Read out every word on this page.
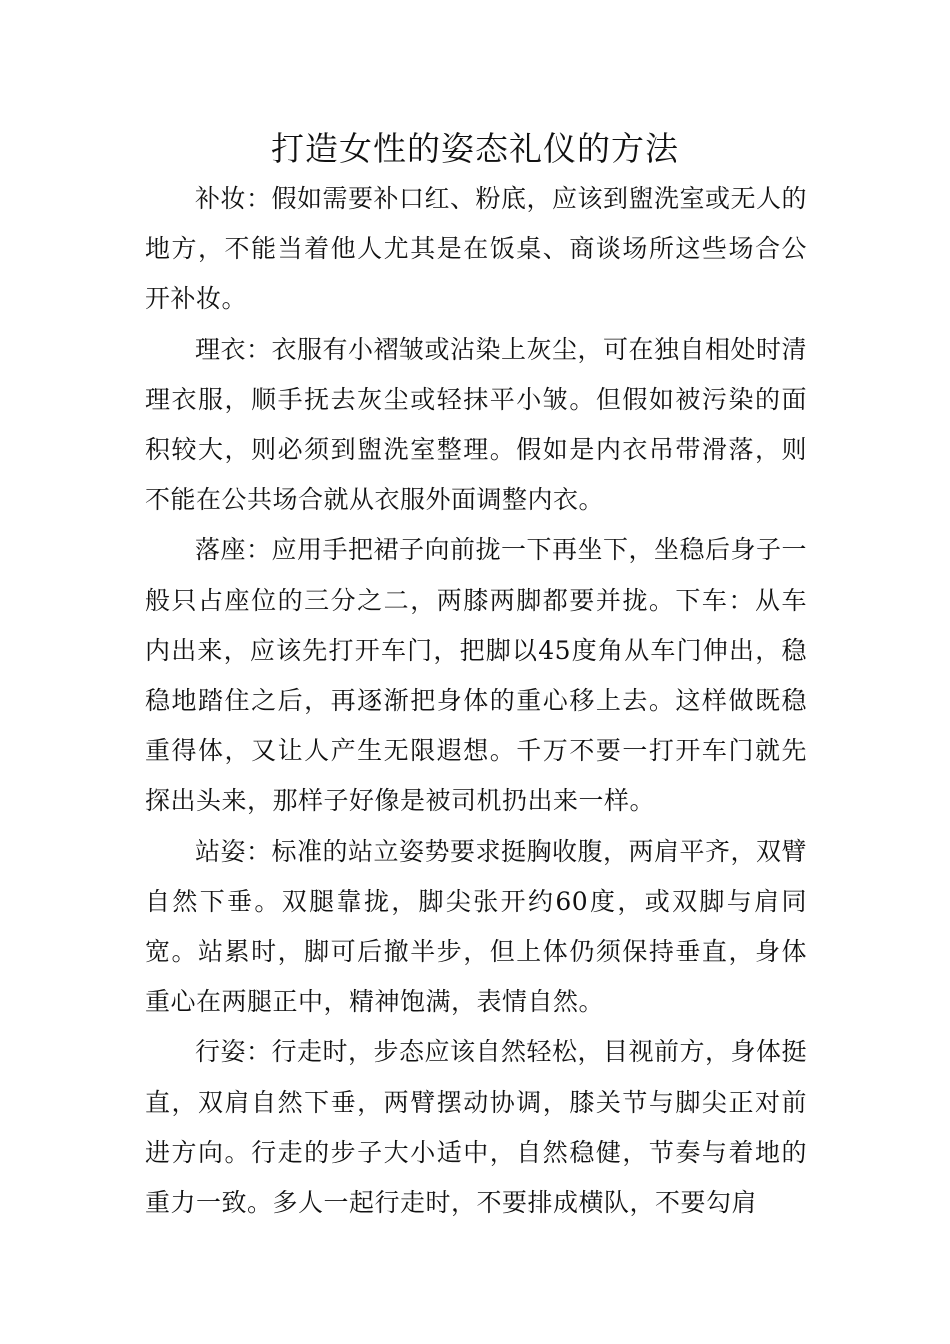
打造女性的姿态礼仪的方法

补妆：假如需要补口红、粉底，应该到盥洗室或无人的地方，不能当着他人尤其是在饭桌、商谈场所这些场合公开补妆。

理衣：衣服有小褶皱或沾染上灰尘，可在独自相处时清理衣服，顺手抚去灰尘或轻抹平小皱。但假如被污染的面积较大，则必须到盥洗室整理。假如是内衣吊带滑落，则不能在公共场合就从衣服外面调整内衣。

落座：应用手把裙子向前拢一下再坐下，坐稳后身子一般只占座位的三分之二，两膝两脚都要并拢。下车：从车内出来，应该先打开车门，把脚以45度角从车门伸出，稳稳地踏住之后，再逐渐把身体的重心移上去。这样做既稳重得体，又让人产生无限遐想。千万不要一打开车门就先探出头来，那样子好像是被司机扔出来一样。

站姿：标准的站立姿势要求挺胸收腹，两肩平齐，双臂自然下垂。双腿靠拢，脚尖张开约60度，或双脚与肩同宽。站累时，脚可后撤半步，但上体仍须保持垂直，身体重心在两腿正中，精神饱满，表情自然。

行姿：行走时，步态应该自然轻松，目视前方，身体挺直，双肩自然下垂，两臂摆动协调，膝关节与脚尖正对前进方向。行走的步子大小适中，自然稳健，节奏与着地的重力一致。多人一起行走时，不要排成横队，不要勾肩
